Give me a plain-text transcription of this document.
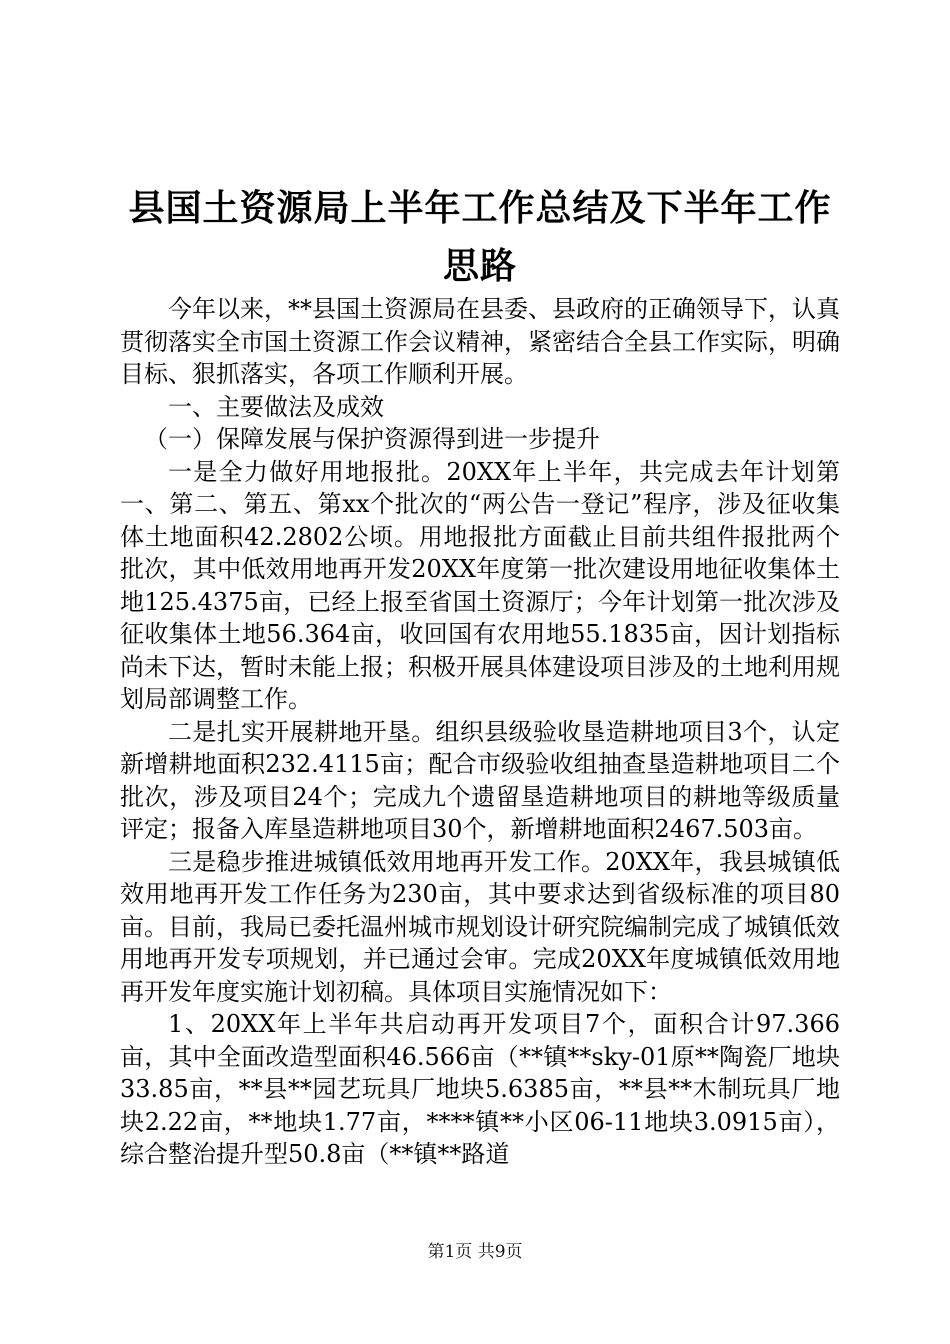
县国土资源局上半年工作总结及下半年工作思路

今年以来，**县国土资源局在县委、县政府的正确领导下，认真贯彻落实全市国土资源工作会议精神，紧密结合全县工作实际，明确目标、狠抓落实，各项工作顺利开展。

一、主要做法及成效

（一）保障发展与保护资源得到进一步提升

一是全力做好用地报批。20XX年上半年，共完成去年计划第一、第二、第五、第xx个批次的“两公告一登记”程序，涉及征收集体土地面积42.2802公顷。用地报批方面截止目前共组件报批两个批次，其中低效用地再开发20XX年度第一批次建设用地征收集体土地125.4375亩，已经上报至省国土资源厅；今年计划第一批次涉及征收集体土地56.364亩，收回国有农用地55.1835亩，因计划指标尚未下达，暂时未能上报；积极开展具体建设项目涉及的土地利用规划局部调整工作。

二是扎实开展耕地开垦。组织县级验收垦造耕地项目3个，认定新增耕地面积232.4115亩；配合市级验收组抽查垦造耕地项目二个批次，涉及项目24个；完成九个遗留垦造耕地项目的耕地等级质量评定；报备入库垦造耕地项目30个，新增耕地面积2467.503亩。

三是稳步推进城镇低效用地再开发工作。20XX年，我县城镇低效用地再开发工作任务为230亩，其中要求达到省级标准的项目80亩。目前，我局已委托温州城市规划设计研究院编制完成了城镇低效用地再开发专项规划，并已通过会审。完成20XX年度城镇低效用地再开发年度实施计划初稿。具体项目实施情况如下：

1、20XX年上半年共启动再开发项目7个，面积合计97.366亩，其中全面改造型面积46.566亩（**镇**sky-01原**陶瓷厂地块33.85亩，**县**园艺玩具厂地块5.6385亩，**县**木制玩具厂地块2.22亩，**地块1.77亩，****镇**小区06-11地块3.0915亩），综合整治提升型50.8亩（**镇**路道

第1页 共9页
